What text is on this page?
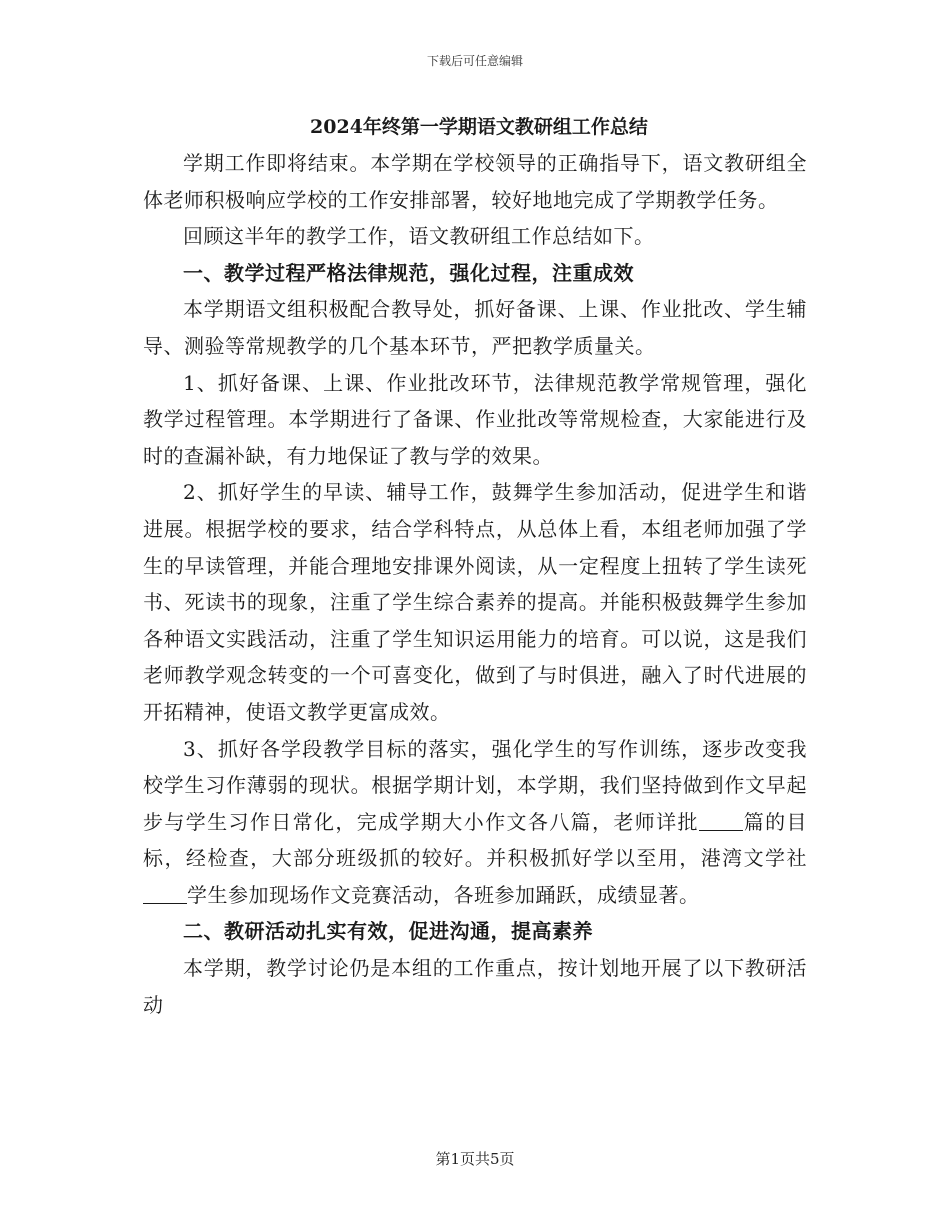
下载后可任意编辑
2024年终第一学期语文教研组工作总结

学期工作即将结束。本学期在学校领导的正确指导下，语文教研组全体老师积极响应学校的工作安排部署，较好地地完成了学期教学任务。

回顾这半年的教学工作，语文教研组工作总结如下。

一、教学过程严格法律规范，强化过程，注重成效

本学期语文组积极配合教导处，抓好备课、上课、作业批改、学生辅导、测验等常规教学的几个基本环节，严把教学质量关。

1、抓好备课、上课、作业批改环节，法律规范教学常规管理，强化教学过程管理。本学期进行了备课、作业批改等常规检查，大家能进行及时的查漏补缺，有力地保证了教与学的效果。

2、抓好学生的早读、辅导工作，鼓舞学生参加活动，促进学生和谐进展。根据学校的要求，结合学科特点，从总体上看，本组老师加强了学生的早读管理，并能合理地安排课外阅读，从一定程度上扭转了学生读死书、死读书的现象，注重了学生综合素养的提高。并能积极鼓舞学生参加各种语文实践活动，注重了学生知识运用能力的培育。可以说，这是我们老师教学观念转变的一个可喜变化，做到了与时俱进，融入了时代进展的开拓精神，使语文教学更富成效。

3、抓好各学段教学目标的落实，强化学生的写作训练，逐步改变我校学生习作薄弱的现状。根据学期计划，本学期，我们坚持做到作文早起步与学生习作日常化，完成学期大小作文各八篇，老师详批 篇的目标，经检查，大部分班级抓的较好。并积极抓好学以至用，港湾文学社学生参加现场作文竞赛活动，各班参加踊跃，成绩显著。

二、教研活动扎实有效，促进沟通，提高素养

本学期，教学讨论仍是本组的工作重点，按计划地开展了以下教研活动

第1页共5页
